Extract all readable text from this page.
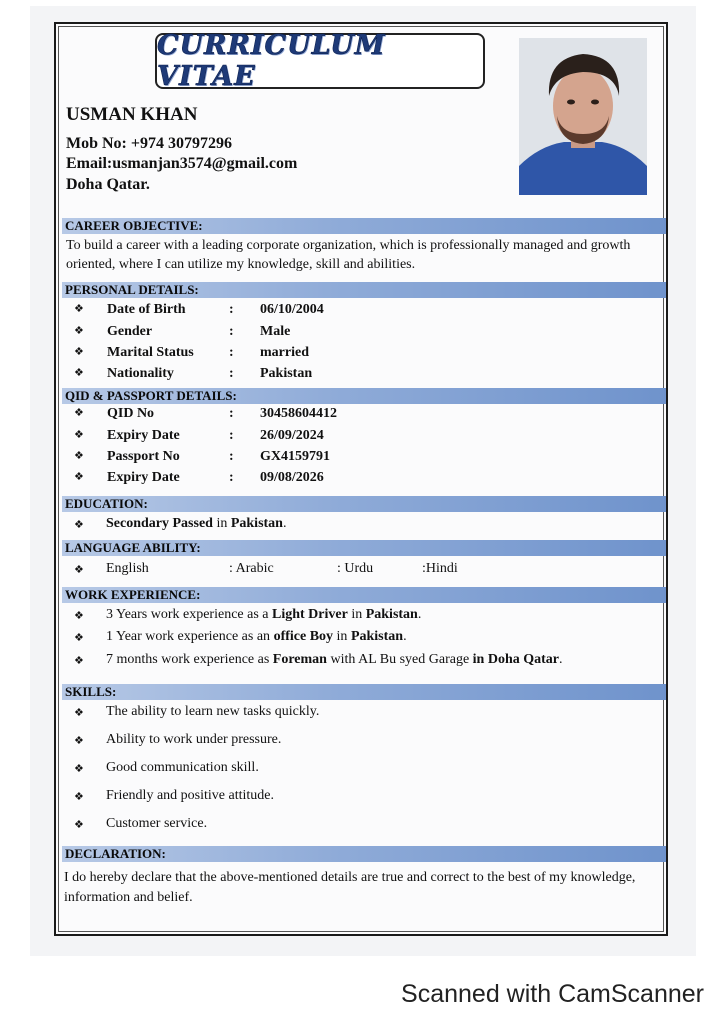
CURRICULUM VITAE
USMAN KHAN
Mob No: +974 30797296
Email:usmanjan3574@gmail.com
Doha Qatar.
CAREER OBJECTIVE:
To build a career with a leading corporate organization, which is professionally managed and growth oriented, where I can utilize my knowledge, skill and abilities.
PERSONAL DETAILS:
❖ Date of Birth	: 06/10/2004
❖ Gender	: Male
❖ Marital Status	: married
❖ Nationality	: Pakistan
QID & PASSPORT DETAILS:
❖ QID No	: 30458604412
❖ Expiry Date	: 26/09/2024
❖ Passport No	: GX4159791
❖ Expiry Date	: 09/08/2026
EDUCATION:
❖ Secondary Passed in Pakistan.
LANGUAGE ABILITY:
❖ English	: Arabic	: Urdu	:Hindi
WORK EXPERIENCE:
❖ 3 Years work experience as a Light Driver in Pakistan.
❖ 1 Year work experience as an office Boy in Pakistan.
❖ 7 months work experience as Foreman with AL Bu syed Garage in Doha Qatar.
SKILLS:
❖ The ability to learn new tasks quickly.
❖ Ability to work under pressure.
❖ Good communication skill.
❖ Friendly and positive attitude.
❖ Customer service.
DECLARATION:
I do hereby declare that the above-mentioned details are true and correct to the best of my knowledge, information and belief.
Scanned with CamScanner
